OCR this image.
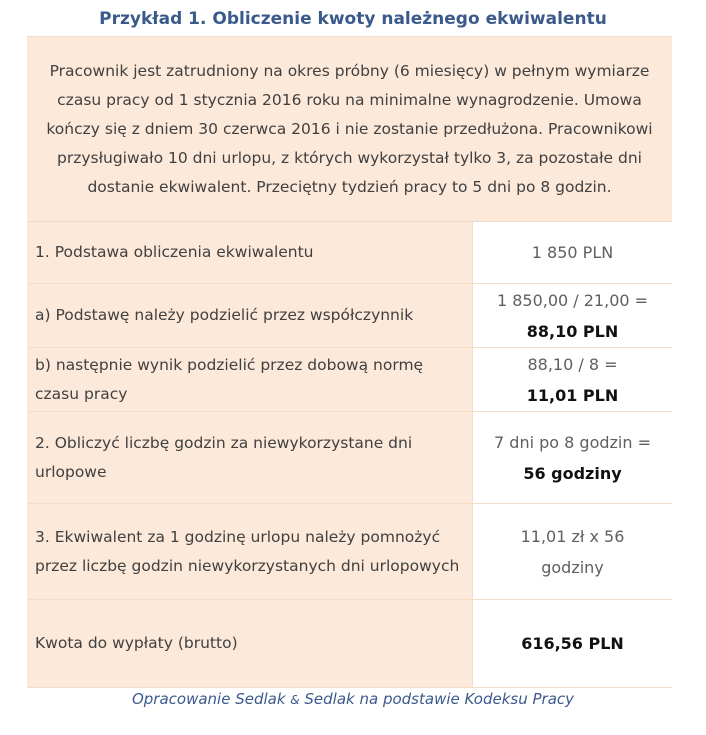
Przykład 1. Obliczenie kwoty należnego ekwiwalentu

Pracownik jest zatrudniony na okres próbny (6 miesięcy) w pełnym wymiarze czasu pracy od 1 stycznia 2016 roku na minimalne wynagrodzenie. Umowa kończy się z dniem 30 czerwca 2016 i nie zostanie przedłużona. Pracownikowi przysługiwało 10 dni urlopu, z których wykorzystał tylko 3, za pozostałe dni dostanie ekwiwalent. Przeciętny tydzień pracy to 5 dni po 8 godzin.

1. Podstawa obliczenia ekwiwalentu	1 850 PLN
a) Podstawę należy podzielić przez współczynnik
1 850,00 / 21,00 =
88,10 PLN
b) następnie wynik podzielić przez dobową normę czasu pracy
88,10 / 8 =
11,01 PLN
2. Obliczyć liczbę godzin za niewykorzystane dni urlopowe
7 dni po 8 godzin =
56 godziny
3. Ekwiwalent za 1 godzinę urlopu należy pomnożyć przez liczbę godzin niewykorzystanych dni urlopowych
11,01 zł x 56 godziny
Kwota do wypłaty (brutto)	616,56 PLN
Opracowanie Sedlak & Sedlak na podstawie Kodeksu Pracy
